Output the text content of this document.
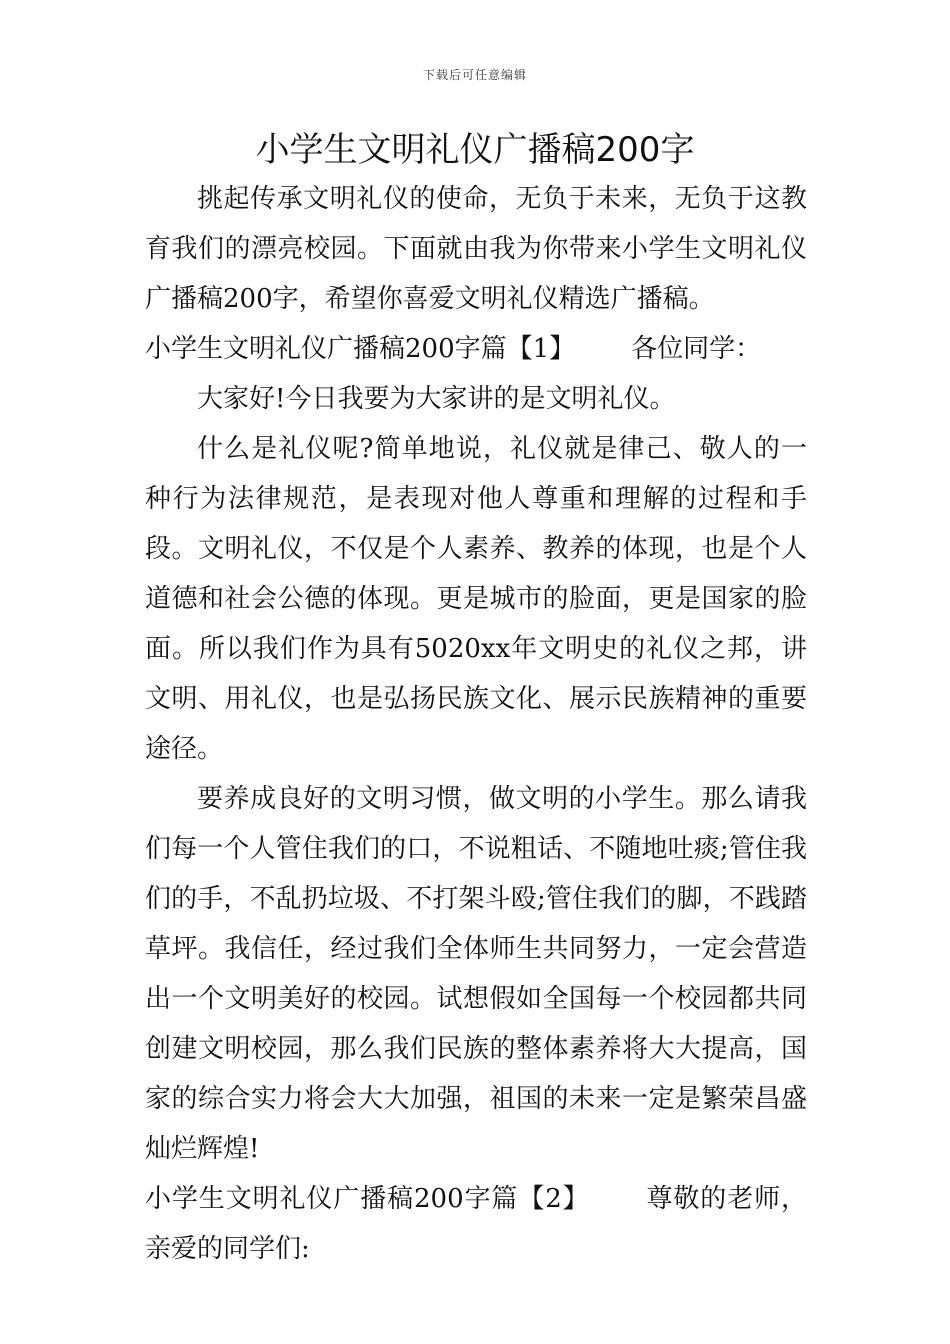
下载后可任意编辑
小学生文明礼仪广播稿200字

挑起传承文明礼仪的使命，无负于未来，无负于这教育我们的漂亮校园。下面就由我为你带来小学生文明礼仪广播稿200字，希望你喜爱文明礼仪精选广播稿。

小学生文明礼仪广播稿200字篇【1】 各位同学：

大家好!今日我要为大家讲的是文明礼仪。

什么是礼仪呢?简单地说，礼仪就是律己、敬人的一种行为法律规范，是表现对他人尊重和理解的过程和手段。文明礼仪，不仅是个人素养、教养的体现，也是个人道德和社会公德的体现。更是城市的脸面，更是国家的脸面。所以我们作为具有5020xx年文明史的礼仪之邦，讲文明、用礼仪，也是弘扬民族文化、展示民族精神的重要途径。

要养成良好的文明习惯，做文明的小学生。那么请我们每一个人管住我们的口，不说粗话、不随地吐痰;管住我们的手，不乱扔垃圾、不打架斗殴;管住我们的脚，不践踏草坪。我信任，经过我们全体师生共同努力，一定会营造出一个文明美好的校园。试想假如全国每一个校园都共同创建文明校园，那么我们民族的整体素养将大大提高，国家的综合实力将会大大加强，祖国的未来一定是繁荣昌盛灿烂辉煌!

小学生文明礼仪广播稿200字篇【2】 尊敬的老师，亲爱的同学们:
